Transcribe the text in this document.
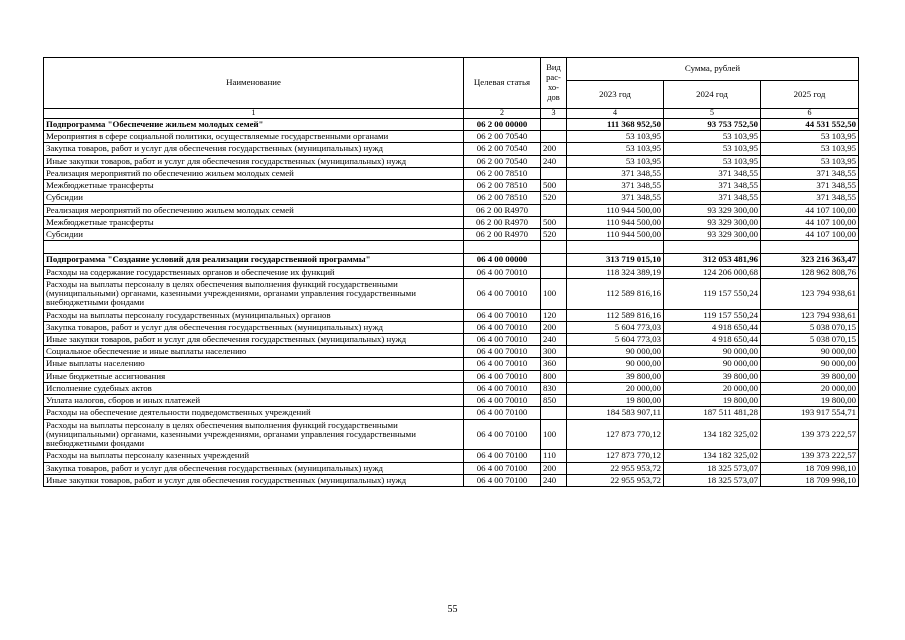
Наименование	Целевая статья	Вид рас-
хо-
дов	Сумма, рублей		
			2023 год	2024 год	2025 год
1	2	3	4	5	6
Подпрограмма "Обеспечение жильем молодых семей"	06 2 00 00000		111 368 952,50	93 753 752,50	44 531 552,50
Мероприятия в сфере социальной политики, осуществляемые государственными органами	06 2 00 70540		53 103,95	53 103,95	53 103,95
Закупка товаров, работ и услуг для обеспечения государственных (муниципальных) нужд	06 2 00 70540	200	53 103,95	53 103,95	53 103,95
Иные закупки товаров, работ и услуг для обеспечения государственных (муниципальных) нужд	06 2 00 70540	240	53 103,95	53 103,95	53 103,95
Реализация мероприятий по обеспечению жильем молодых семей	06 2 00 78510		371 348,55	371 348,55	371 348,55
Межбюджетные трансферты	06 2 00 78510	500	371 348,55	371 348,55	371 348,55
Субсидии	06 2 00 78510	520	371 348,55	371 348,55	371 348,55
Реализация мероприятий по обеспечению жильем молодых семей	06 2 00 R4970		110 944 500,00	93 329 300,00	44 107 100,00
Межбюджетные трансферты	06 2 00 R4970	500	110 944 500,00	93 329 300,00	44 107 100,00
Субсидии	06 2 00 R4970	520	110 944 500,00	93 329 300,00	44 107 100,00

Подпрограмма "Создание условий для реализации государственной программы"	06 4 00 00000		313 719 015,10	312 053 481,96	323 216 363,47
Расходы на содержание государственных органов и обеспечение их функций	06 4 00 70010		118 324 389,19	124 206 000,68	128 962 808,76
Расходы на выплаты персоналу в целях обеспечения выполнения функций государственными (муниципальными) органами, казенными учреждениями, органами управления государственными внебюджетными фондами	06 4 00 70010	100	112 589 816,16	119 157 550,24	123 794 938,61
Расходы на выплаты персоналу государственных (муниципальных) органов	06 4 00 70010	120	112 589 816,16	119 157 550,24	123 794 938,61
Закупка товаров, работ и услуг для обеспечения государственных (муниципальных) нужд	06 4 00 70010	200	5 604 773,03	4 918 650,44	5 038 070,15
Иные закупки товаров, работ и услуг для обеспечения государственных (муниципальных) нужд	06 4 00 70010	240	5 604 773,03	4 918 650,44	5 038 070,15
Социальное обеспечение и иные выплаты населению	06 4 00 70010	300	90 000,00	90 000,00	90 000,00
Иные выплаты населению	06 4 00 70010	360	90 000,00	90 000,00	90 000,00
Иные бюджетные ассигнования	06 4 00 70010	800	39 800,00	39 800,00	39 800,00
Исполнение судебных актов	06 4 00 70010	830	20 000,00	20 000,00	20 000,00
Уплата налогов, сборов и иных платежей	06 4 00 70010	850	19 800,00	19 800,00	19 800,00
Расходы на обеспечение деятельности подведомственных учреждений	06 4 00 70100		184 583 907,11	187 511 481,28	193 917 554,71
Расходы на выплаты персоналу в целях обеспечения выполнения функций государственными (муниципальными) органами, казенными учреждениями, органами управления государственными внебюджетными фондами	06 4 00 70100	100	127 873 770,12	134 182 325,02	139 373 222,57
Расходы на выплаты персоналу казенных учреждений	06 4 00 70100	110	127 873 770,12	134 182 325,02	139 373 222,57
Закупка товаров, работ и услуг для обеспечения государственных (муниципальных) нужд	06 4 00 70100	200	22 955 953,72	18 325 573,07	18 709 998,10
Иные закупки товаров, работ и услуг для обеспечения государственных (муниципальных) нужд	06 4 00 70100	240	22 955 953,72	18 325 573,07	18 709 998,10
55
